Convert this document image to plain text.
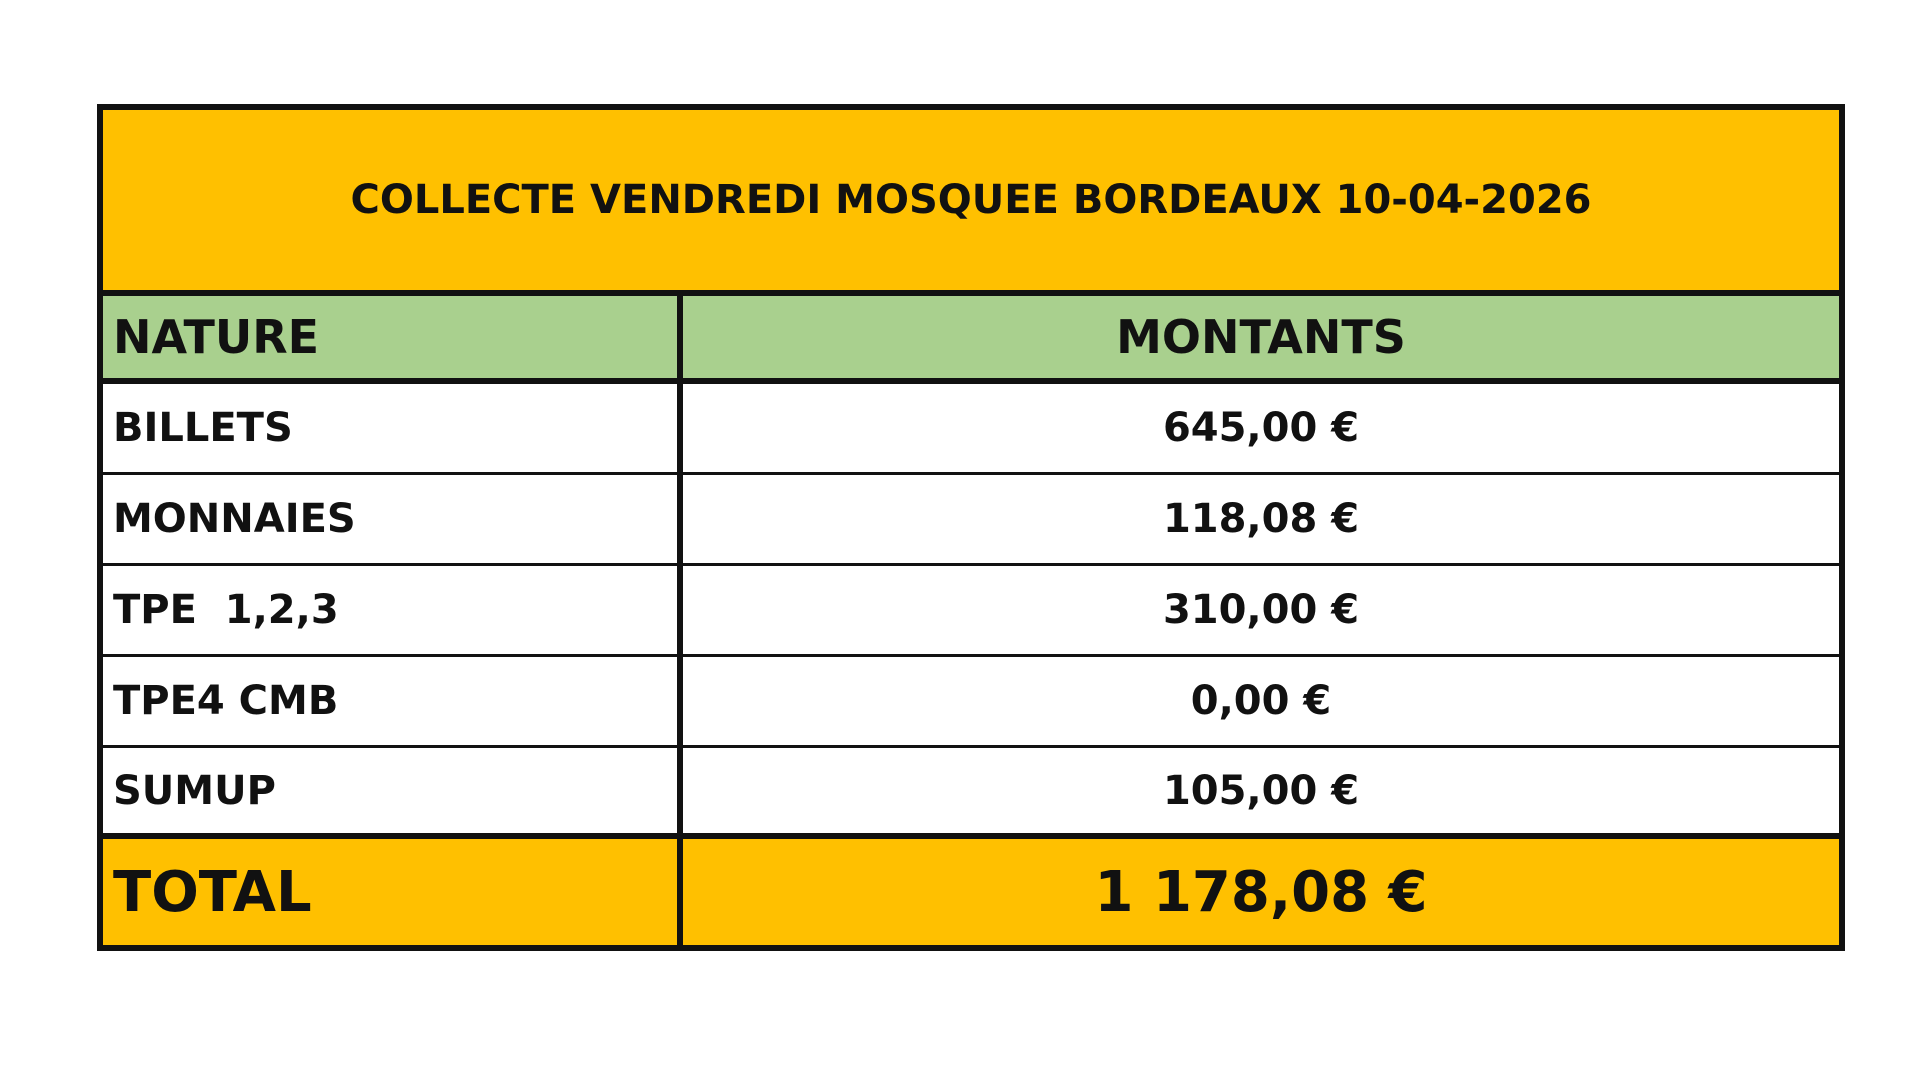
COLLECTE VENDREDI MOSQUEE BORDEAUX 10-04-2026
NATURE	MONTANTS
BILLETS	645,00 €
MONNAIES	118,08 €
TPE  1,2,3	310,00 €
TPE4 CMB	0,00 €
SUMUP	105,00 €
TOTAL	1 178,08 €
